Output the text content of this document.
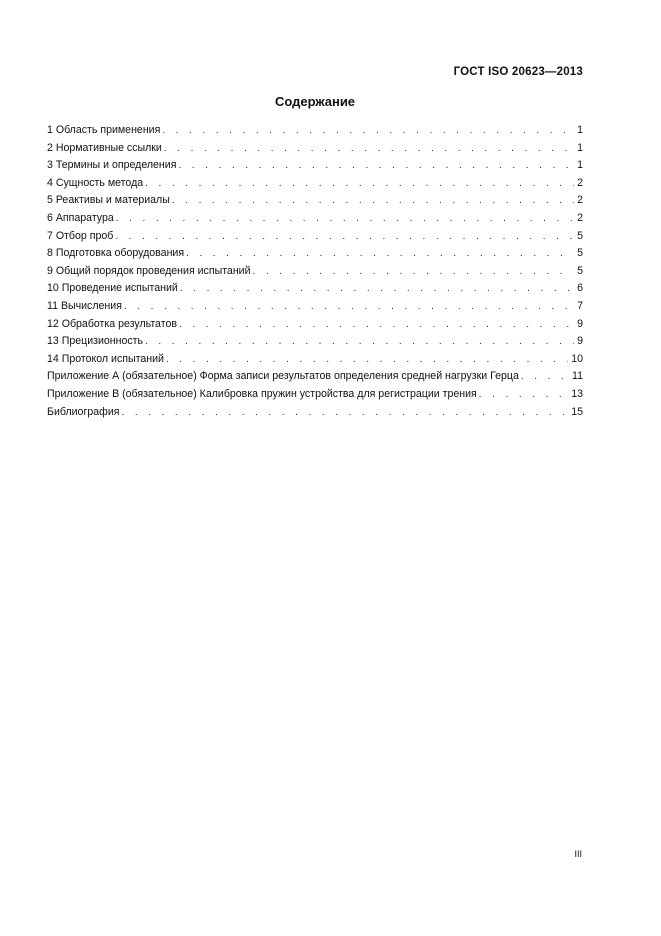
ГОСТ ISO 20623—2013
Содержание
1 Область применения . . .	1
2 Нормативные ссылки . . .	1
3 Термины и определения . . .	1
4 Сущность метода . . .	2
5 Реактивы и материалы . . .	2
6 Аппаратура . . .	2
7 Отбор проб . . .	5
8 Подготовка оборудования . . .	5
9 Общий порядок проведения испытаний . . .	5
10 Проведение испытаний . . .	6
11 Вычисления . . .	7
12 Обработка результатов . . .	9
13 Прецизионность . . .	9
14 Протокол испытаний . . .	10
Приложение А (обязательное) Форма записи результатов определения средней нагрузки Герца . . .	11
Приложение В (обязательное) Калибровка пружин устройства для регистрации трения . . .	13
Библиография . . .	15
III
